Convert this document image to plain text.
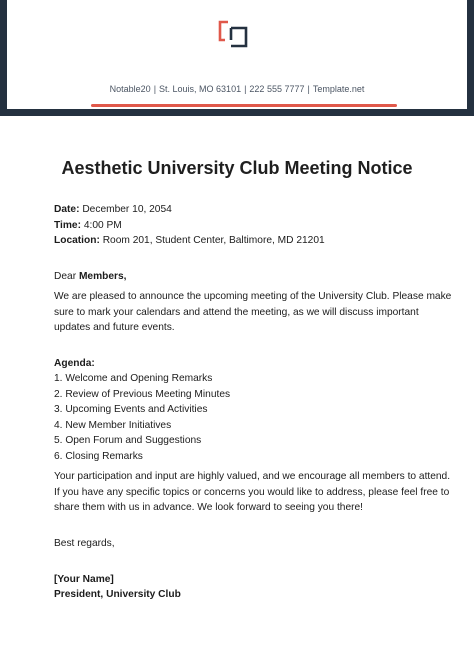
Notable20 | St. Louis, MO 63101 | 222 555 7777 | Template.net
Aesthetic University Club Meeting Notice
Date: December 10, 2054
Time: 4:00 PM
Location: Room 201, Student Center, Baltimore, MD 21201
Dear Members,
We are pleased to announce the upcoming meeting of the University Club. Please make
sure to mark your calendars and attend the meeting, as we will discuss important
updates and future events.
Agenda:
1. Welcome and Opening Remarks
2. Review of Previous Meeting Minutes
3. Upcoming Events and Activities
4. New Member Initiatives
5. Open Forum and Suggestions
6. Closing Remarks
Your participation and input are highly valued, and we encourage all members to attend.
If you have any specific topics or concerns you would like to address, please feel free to
share them with us in advance. We look forward to seeing you there!
Best regards,
[Your Name]
President, University Club
